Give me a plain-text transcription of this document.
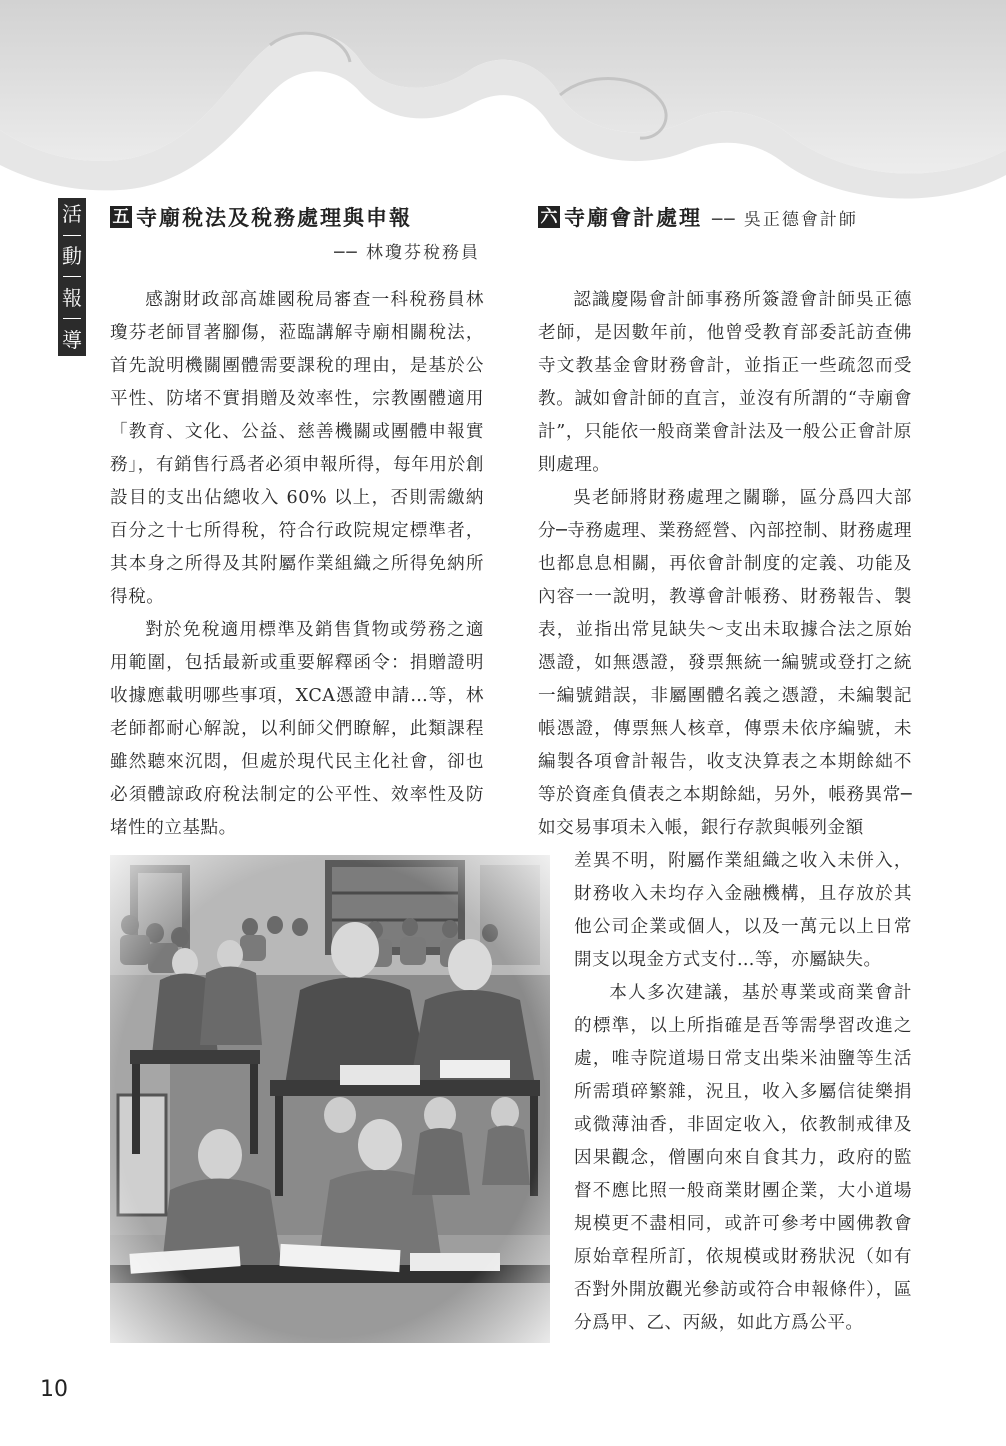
活
動
報
導
五 寺廟稅法及稅務處理與申報
── 林瓊芬稅務員

感謝財政部高雄國稅局審查一科稅務員林瓊芬老師冒著腳傷，蒞臨講解寺廟相關稅法，首先說明機關團體需要課稅的理由，是基於公平性、防堵不實捐贈及效率性，宗教團體適用「教育、文化、公益、慈善機關或團體申報實務」，有銷售行爲者必須申報所得，每年用於創設目的支出佔總收入 60% 以上，否則需繳納百分之十七所得稅，符合行政院規定標準者，其本身之所得及其附屬作業組織之所得免納所得稅。

對於免稅適用標準及銷售貨物或勞務之適用範圍，包括最新或重要解釋函令：捐贈證明收據應載明哪些事項，XCA憑證申請…等，林老師都耐心解說，以利師父們瞭解，此類課程雖然聽來沉悶，但處於現代民主化社會，卻也必須體諒政府稅法制定的公平性、效率性及防堵性的立基點。

六 寺廟會計處理 ── 吳正德會計師

認識慶陽會計師事務所簽證會計師吳正德老師，是因數年前，他曾受教育部委託訪查佛寺文教基金會財務會計，並指正一些疏忽而受教。誠如會計師的直言，並沒有所謂的“寺廟會計”，只能依一般商業會計法及一般公正會計原則處理。

吳老師將財務處理之關聯，區分爲四大部分─寺務處理、業務經營、內部控制、財務處理也都息息相關，再依會計制度的定義、功能及內容一一說明，教導會計帳務、財務報告、製表，並指出常見缺失～支出未取據合法之原始憑證，如無憑證，發票無統一編號或登打之統一編號錯誤，非屬團體名義之憑證，未編製記帳憑證，傳票無人核章，傳票未依序編號，未編製各項會計報告，收支決算表之本期餘絀不等於資產負債表之本期餘絀，另外，帳務異常─如交易事項未入帳，銀行存款與帳列金額

差異不明，附屬作業組織之收入未併入，財務收入未均存入金融機構，且存放於其他公司企業或個人，以及一萬元以上日常開支以現金方式支付…等，亦屬缺失。

本人多次建議，基於專業或商業會計的標準，以上所指確是吾等需學習改進之處，唯寺院道場日常支出柴米油鹽等生活所需瑣碎繁雜，況且，收入多屬信徒樂捐或微薄油香，非固定收入，依教制戒律及因果觀念，僧團向來自食其力，政府的監督不應比照一般商業財團企業，大小道場規模更不盡相同，或許可參考中國佛教會原始章程所訂，依規模或財務狀況（如有否對外開放觀光參訪或符合申報條件），區分爲甲、乙、丙級，如此方爲公平。

10
